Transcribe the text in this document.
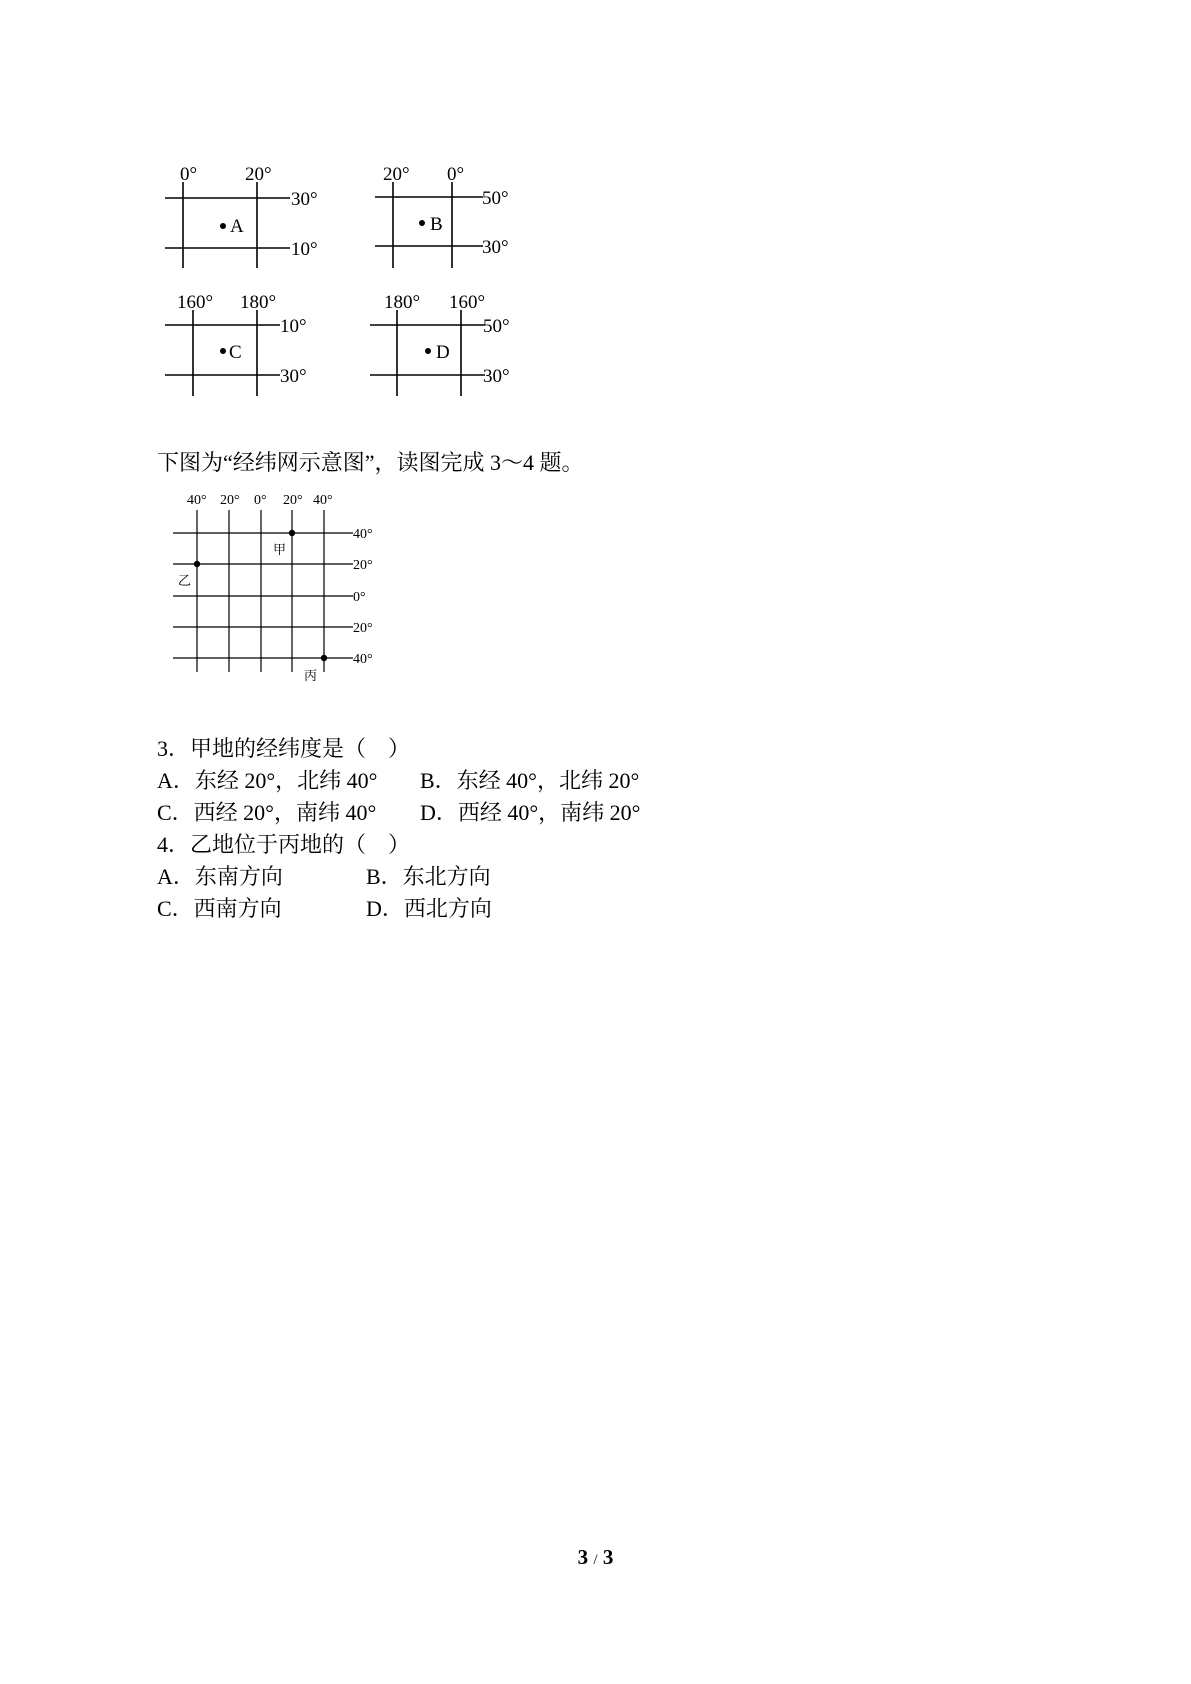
0°	20°
30°
10°
A
20° 0°
50°
30°
B
160° 180°
10°
30°
C
180° 160°
50°
30°
D
下图为“经纬网示意图”，读图完成 3～4 题。
40° 20° 0° 20° 40°
40°
20°
0°
20°
40°
甲
乙
丙
3．甲地的经纬度是（    ）

A．东经 20°，北纬 40°

B．东经 40°，北纬 20°

C．西经 20°，南纬 40°

D．西经 40°，南纬 20°

4．乙地位于丙地的（    ）

A．东南方向

	B．东北方向

C．西南方向

	D．西北方向

3 / 3
